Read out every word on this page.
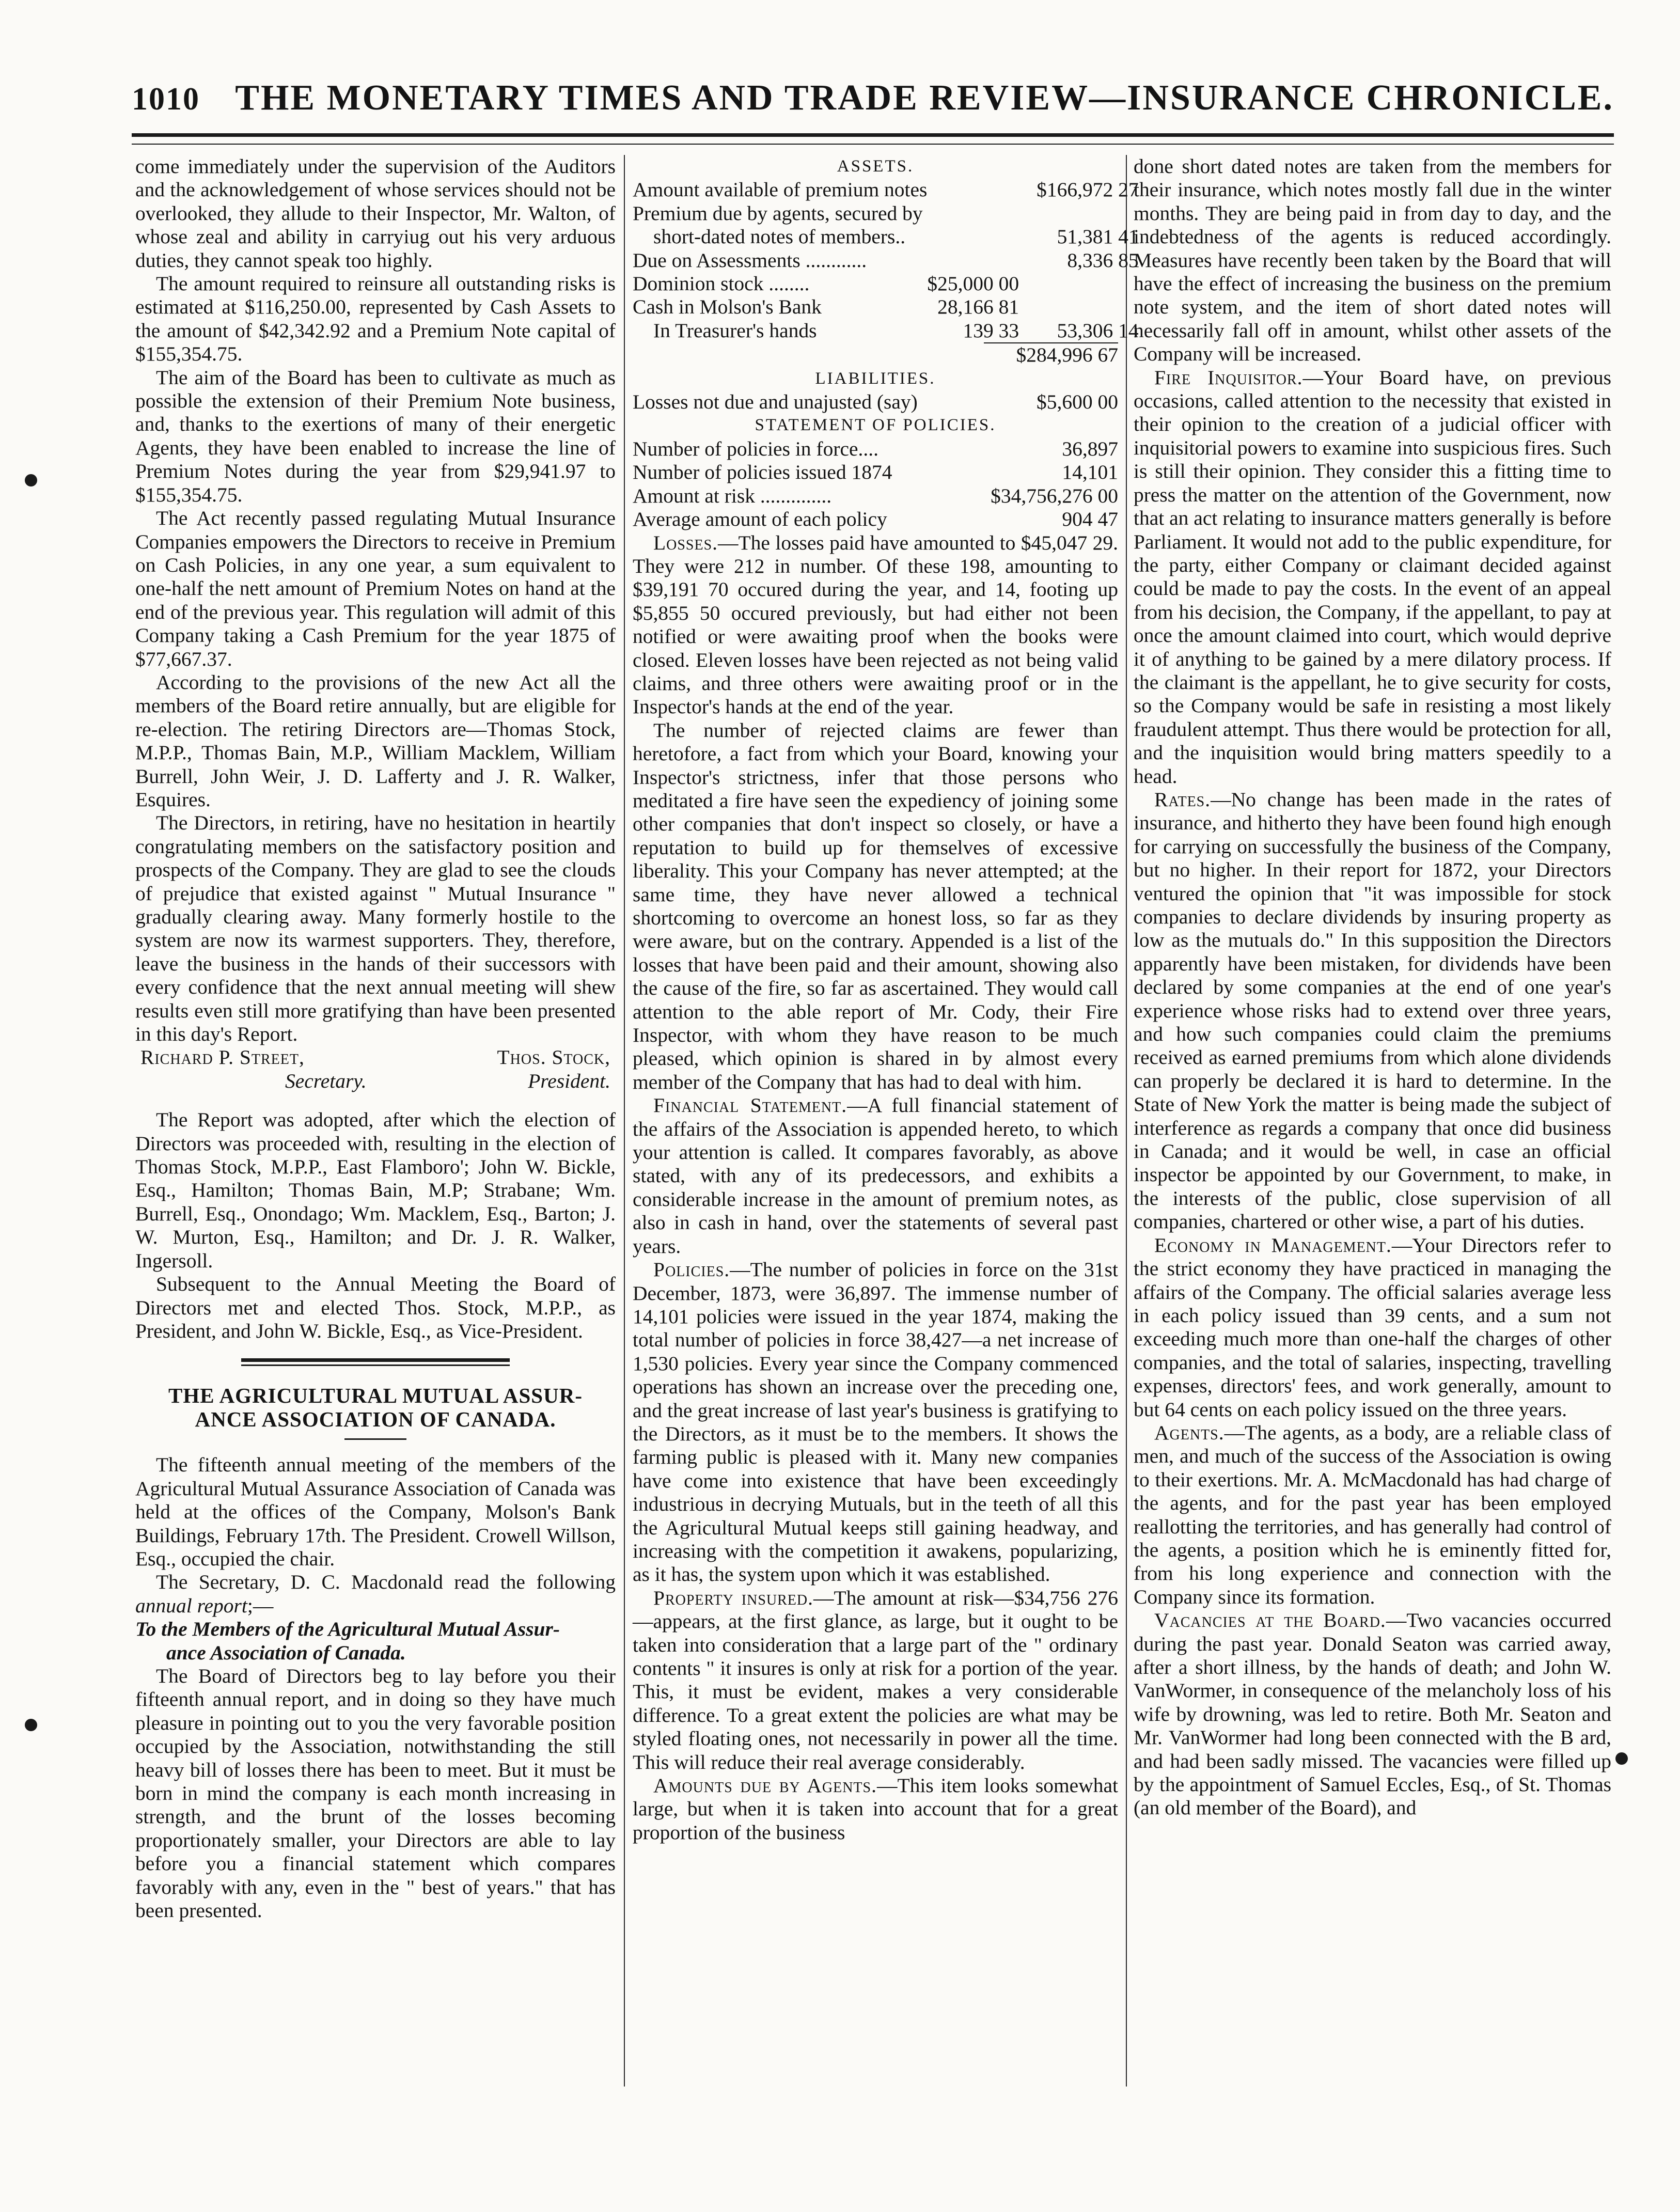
1010 THE MONETARY TIMES AND TRADE REVIEW—INSURANCE CHRONICLE.

come immediately under the supervision of the Auditors and the acknowledgement of whose services should not be overlooked, they allude to their Inspector, Mr. Walton, of whose zeal and ability in carryiug out his very arduous duties, they cannot speak too highly.

The amount required to reinsure all outstanding risks is estimated at $116,250.00, represented by Cash Assets to the amount of $42,342.92 and a Premium Note capital of $155,354.75.

The aim of the Board has been to cultivate as much as possible the extension of their Premium Note business, and, thanks to the exertions of many of their energetic Agents, they have been enabled to increase the line of Premium Notes during the year from $29,941.97 to $155,354.75.

The Act recently passed regulating Mutual Insurance Companies empowers the Directors to receive in Premium on Cash Policies, in any one year, a sum equivalent to one-half the nett amount of Premium Notes on hand at the end of the previous year. This regulation will admit of this Company taking a Cash Premium for the year 1875 of $77,667.37.

According to the provisions of the new Act all the members of the Board retire annually, but are eligible for re-election. The retiring Directors are—Thomas Stock, M.P.P., Thomas Bain, M.P., William Macklem, William Burrell, John Weir, J. D. Lafferty and J. R. Walker, Esquires.

The Directors, in retiring, have no hesitation in heartily congratulating members on the satisfactory position and prospects of the Company. They are glad to see the clouds of prejudice that existed against " Mutual Insurance " gradually clearing away. Many formerly hostile to the system are now its warmest supporters. They, therefore, leave the business in the hands of their successors with every confidence that the next annual meeting will shew results even still more gratifying than have been presented in this day's Report.

Richard P. Street,	Thos. Stock,
Secretary.	President.

The Report was adopted, after which the election of Directors was proceeded with, resulting in the election of Thomas Stock, M.P.P., East Flamboro'; John W. Bickle, Esq., Hamilton; Thomas Bain, M.P; Strabane; Wm. Burrell, Esq., Onondago; Wm. Macklem, Esq., Barton; J. W. Murton, Esq., Hamilton; and Dr. J. R. Walker, Ingersoll.

Subsequent to the Annual Meeting the Board of Directors met and elected Thos. Stock, M.P.P., as President, and John W. Bickle, Esq., as Vice-President.

THE AGRICULTURAL MUTUAL ASSUR-
ANCE ASSOCIATION OF CANADA.

The fifteenth annual meeting of the members of the Agricultural Mutual Assurance Association of Canada was held at the offices of the Company, Molson's Bank Buildings, February 17th. The President. Crowell Willson, Esq., occupied the chair.

The Secretary, D. C. Macdonald read the following annual report;—

To the Members of the Agricultural Mutual Assur-
ance Association of Canada.

The Board of Directors beg to lay before you their fifteenth annual report, and in doing so they have much pleasure in pointing out to you the very favorable position occupied by the Association, notwithstanding the still heavy bill of losses there has been to meet. But it must be born in mind the company is each month increasing in strength, and the brunt of the losses becoming proportionately smaller, your Directors are able to lay before you a financial statement which compares favorably with any, even in the " best of years." that has been presented.

ASSETS.
Amount available of premium notes		$166,972 27
Premium due by agents, secured by		
short-dated notes of members..		51,381 41
Due on Assessments ............		8,336 85
Dominion stock ........	$25,000 00	
Cash in Molson's Bank	28,166 81	
In Treasurer's hands	139 33	53,306 14
$284,996 67
LIABILITIES.
Losses not due and unajusted (say)	$5,600 00
STATEMENT OF POLICIES.
Number of policies in force....	36,897
Number of policies issued 1874	14,101
Amount at risk ..............	$34,756,276 00
Average amount of each policy	904 47

Losses.—The losses paid have amounted to $45,047 29. They were 212 in number. Of these 198, amounting to $39,191 70 occured during the year, and 14, footing up $5,855 50 occured previously, but had either not been notified or were awaiting proof when the books were closed. Eleven losses have been rejected as not being valid claims, and three others were awaiting proof or in the Inspector's hands at the end of the year.

The number of rejected claims are fewer than heretofore, a fact from which your Board, knowing your Inspector's strictness, infer that those persons who meditated a fire have seen the expediency of joining some other companies that don't inspect so closely, or have a reputation to build up for themselves of excessive liberality. This your Company has never attempted; at the same time, they have never allowed a technical shortcoming to overcome an honest loss, so far as they were aware, but on the contrary. Appended is a list of the losses that have been paid and their amount, showing also the cause of the fire, so far as ascertained. They would call attention to the able report of Mr. Cody, their Fire Inspector, with whom they have reason to be much pleased, which opinion is shared in by almost every member of the Company that has had to deal with him.

Financial Statement.—A full financial statement of the affairs of the Association is appended hereto, to which your attention is called. It compares favorably, as above stated, with any of its predecessors, and exhibits a considerable increase in the amount of premium notes, as also in cash in hand, over the statements of several past years.

Policies.—The number of policies in force on the 31st December, 1873, were 36,897. The immense number of 14,101 policies were issued in the year 1874, making the total number of policies in force 38,427—a net increase of 1,530 policies. Every year since the Company commenced operations has shown an increase over the preceding one, and the great increase of last year's business is gratifying to the Directors, as it must be to the members. It shows the farming public is pleased with it. Many new companies have come into existence that have been exceedingly industrious in decrying Mutuals, but in the teeth of all this the Agricultural Mutual keeps still gaining headway, and increasing with the competition it awakens, popularizing, as it has, the system upon which it was established.

Property insured.—The amount at risk—$34,756 276—appears, at the first glance, as large, but it ought to be taken into consideration that a large part of the " ordinary contents " it insures is only at risk for a portion of the year. This, it must be evident, makes a very considerable difference. To a great extent the policies are what may be styled floating ones, not necessarily in power all the time. This will reduce their real average considerably.

Amounts due by Agents.—This item looks somewhat large, but when it is taken into account that for a great proportion of the business

done short dated notes are taken from the members for their insurance, which notes mostly fall due in the winter months. They are being paid in from day to day, and the indebtedness of the agents is reduced accordingly. Measures have recently been taken by the Board that will have the effect of increasing the business on the premium note system, and the item of short dated notes will necessarily fall off in amount, whilst other assets of the Company will be increased.

Fire Inquisitor.—Your Board have, on previous occasions, called attention to the necessity that existed in their opinion to the creation of a judicial officer with inquisitorial powers to examine into suspicious fires. Such is still their opinion. They consider this a fitting time to press the matter on the attention of the Government, now that an act relating to insurance matters generally is before Parliament. It would not add to the public expenditure, for the party, either Company or claimant decided against could be made to pay the costs. In the event of an appeal from his decision, the Company, if the appellant, to pay at once the amount claimed into court, which would deprive it of anything to be gained by a mere dilatory process. If the claimant is the appellant, he to give security for costs, so the Company would be safe in resisting a most likely fraudulent attempt. Thus there would be protection for all, and the inquisition would bring matters speedily to a head.

Rates.—No change has been made in the rates of insurance, and hitherto they have been found high enough for carrying on successfully the business of the Company, but no higher. In their report for 1872, your Directors ventured the opinion that "it was impossible for stock companies to declare dividends by insuring property as low as the mutuals do." In this supposition the Directors apparently have been mistaken, for dividends have been declared by some companies at the end of one year's experience whose risks had to extend over three years, and how such companies could claim the premiums received as earned premiums from which alone dividends can properly be declared it is hard to determine. In the State of New York the matter is being made the subject of interference as regards a company that once did business in Canada; and it would be well, in case an official inspector be appointed by our Government, to make, in the interests of the public, close supervision of all companies, chartered or other wise, a part of his duties.

Economy in Management.—Your Directors refer to the strict economy they have practiced in managing the affairs of the Company. The official salaries average less in each policy issued than 39 cents, and a sum not exceeding much more than one-half the charges of other companies, and the total of salaries, inspecting, travelling expenses, directors' fees, and work generally, amount to but 64 cents on each policy issued on the three years.

Agents.—The agents, as a body, are a reliable class of men, and much of the success of the Association is owing to their exertions. Mr. A. McMacdonald has had charge of the agents, and for the past year has been employed reallotting the territories, and has generally had control of the agents, a position which he is eminently fitted for, from his long experience and connection with the Company since its formation.

Vacancies at the Board.—Two vacancies occurred during the past year. Donald Seaton was carried away, after a short illness, by the hands of death; and John W. VanWormer, in consequence of the melancholy loss of his wife by drowning, was led to retire. Both Mr. Seaton and Mr. VanWormer had long been connected with the B ard, and had been sadly missed. The vacancies were filled up by the appointment of Samuel Eccles, Esq., of St. Thomas (an old member of the Board), and
